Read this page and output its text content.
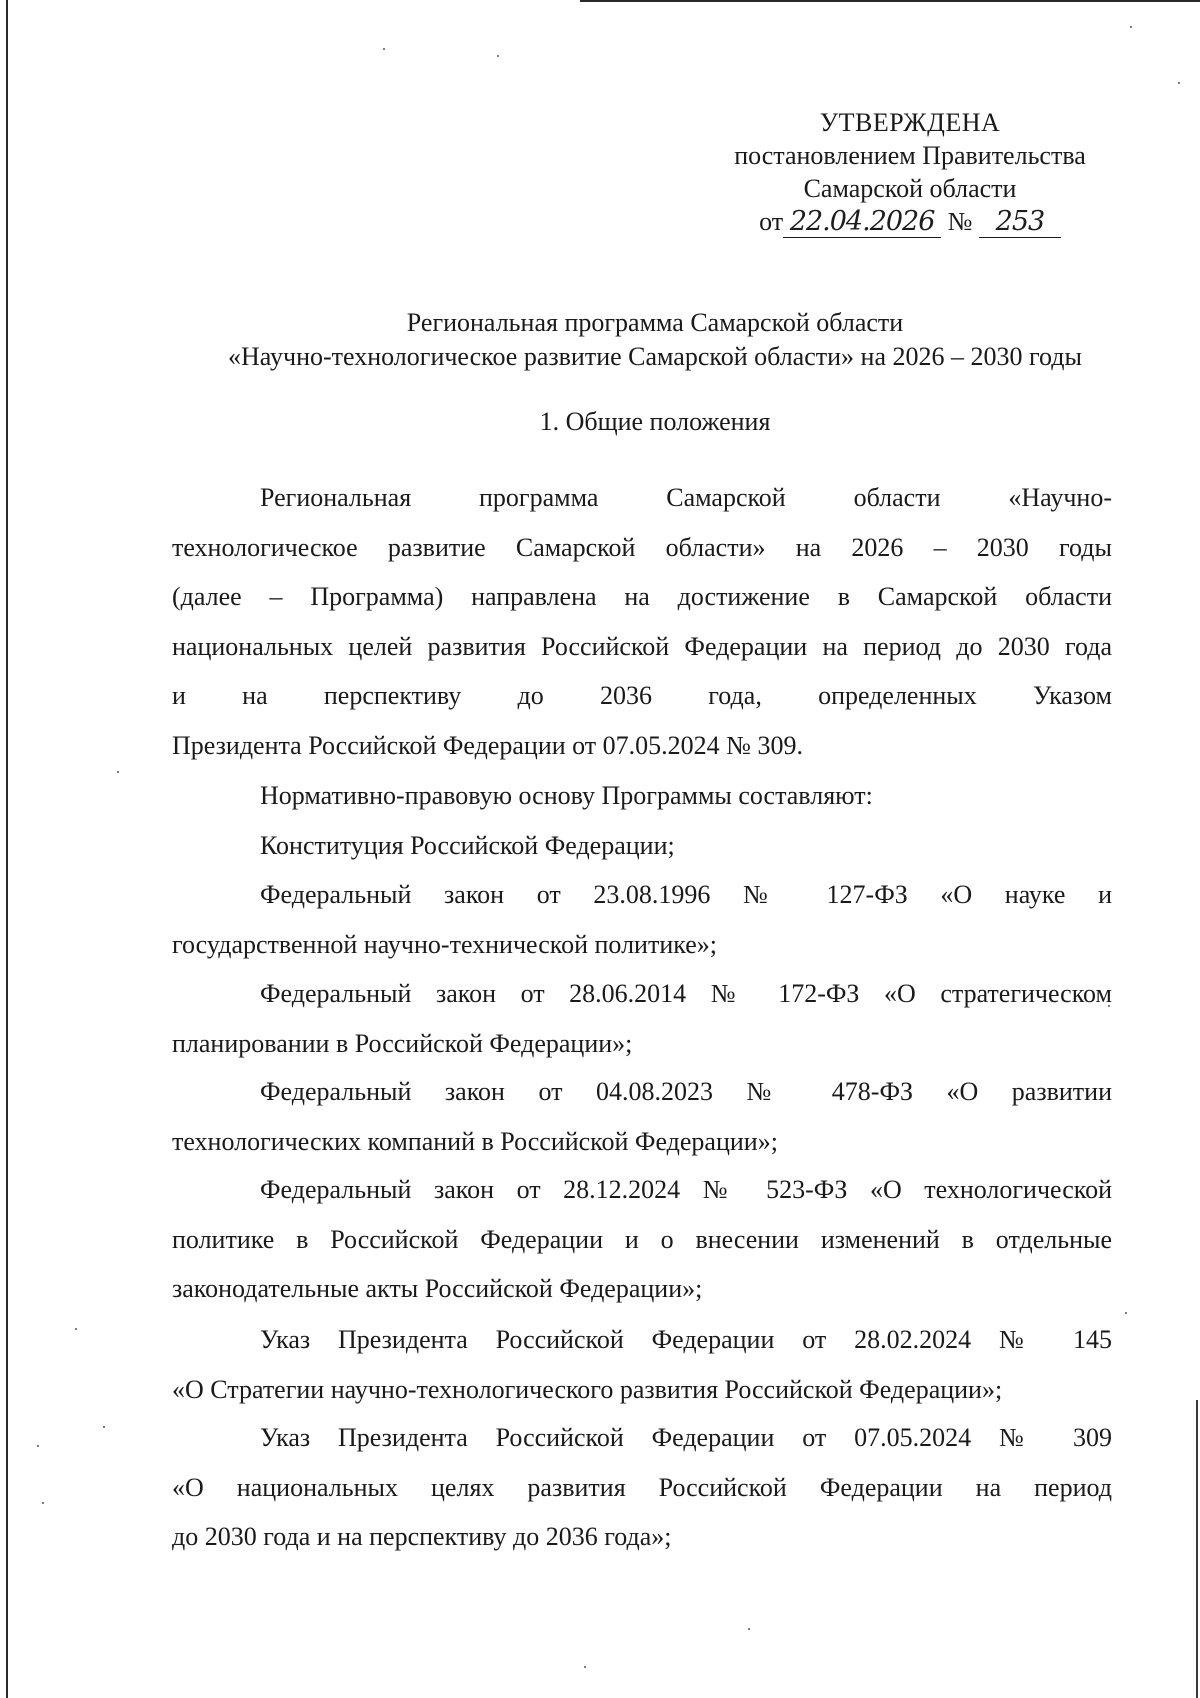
УТВЕРЖДЕНА
постановлением Правительства
Самарской области
от 22.04.2026 № 253
Региональная программа Самарской области
«Научно-технологическое развитие Самарской области» на 2026 – 2030 годы
1. Общие положения
Региональная программа Самарской области «Научно-
технологическое развитие Самарской области» на 2026 – 2030 годы
(далее – Программа) направлена на достижение в Самарской области
национальных целей развития Российской Федерации на период до 2030 года
и на перспективу до 2036 года, определенных Указом
Президента Российской Федерации от 07.05.2024 № 309.
Нормативно-правовую основу Программы составляют:
Конституция Российской Федерации;
Федеральный закон от 23.08.1996 № 127-ФЗ «О науке и
государственной научно-технической политике»;
Федеральный закон от 28.06.2014 № 172-ФЗ «О стратегическом
планировании в Российской Федерации»;
Федеральный закон от 04.08.2023 № 478-ФЗ «О развитии
технологических компаний в Российской Федерации»;
Федеральный закон от 28.12.2024 № 523-ФЗ «О технологической
политике в Российской Федерации и о внесении изменений в отдельные
законодательные акты Российской Федерации»;
Указ Президента Российской Федерации от 28.02.2024 № 145
«О Стратегии научно-технологического развития Российской Федерации»;
Указ Президента Российской Федерации от 07.05.2024 № 309
«О национальных целях развития Российской Федерации на период
до 2030 года и на перспективу до 2036 года»;
